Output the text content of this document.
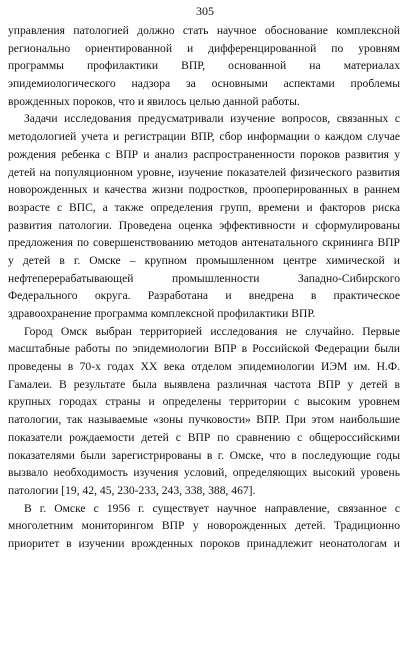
305
управления патологией должно стать научное обоснование комплексной
регионально ориентированной и дифференцированной по уровням
программы профилактики ВПР, основанной на материалах
эпидемиологического надзора за основными аспектами проблемы
врожденных пороков, что и явилось целью данной работы.
Задачи исследования предусматривали изучение вопросов, связанных с
методологией учета и регистрации ВПР, сбор информации о каждом случае
рождения ребенка с ВПР и анализ распространенности пороков развития у
детей на популяционном уровне, изучение показателей физического развития
новорожденных и качества жизни подростков, прооперированных в раннем
возрасте с ВПС, а также определения групп, времени и факторов риска
развития патологии. Проведена оценка эффективности и сформулированы
предложения по совершенствованию методов антенатального скрининга ВПР
у детей в г. Омске – крупном промышленном центре химической и
нефтеперерабатывающей промышленности Западно-Сибирского
Федерального округа. Разработана и внедрена в практическое
здравоохранение программа комплексной профилактики ВПР.
Город Омск выбран территорией исследования не случайно. Первые
масштабные работы по эпидемиологии ВПР в Российской Федерации были
проведены в 70-х годах XX века отделом эпидемиологии ИЭМ им. Н.Ф.
Гамалеи. В результате была выявлена различная частота ВПР у детей в
крупных городах страны и определены территории с высоким уровнем
патологии, так называемые «зоны пучковости» ВПР. При этом наибольшие
показатели рождаемости детей с ВПР по сравнению с общероссийскими
показателями были зарегистрированы в г. Омске, что в последующие годы
вызвало необходимость изучения условий, определяющих высокий уровень
патологии [19, 42, 45, 230-233, 243, 338, 388, 467].
В г. Омске с 1956 г. существует научное направление, связанное с
многолетним мониторингом ВПР у новорожденных детей. Традиционно
приоритет в изучении врожденных пороков принадлежит неонатологам и
